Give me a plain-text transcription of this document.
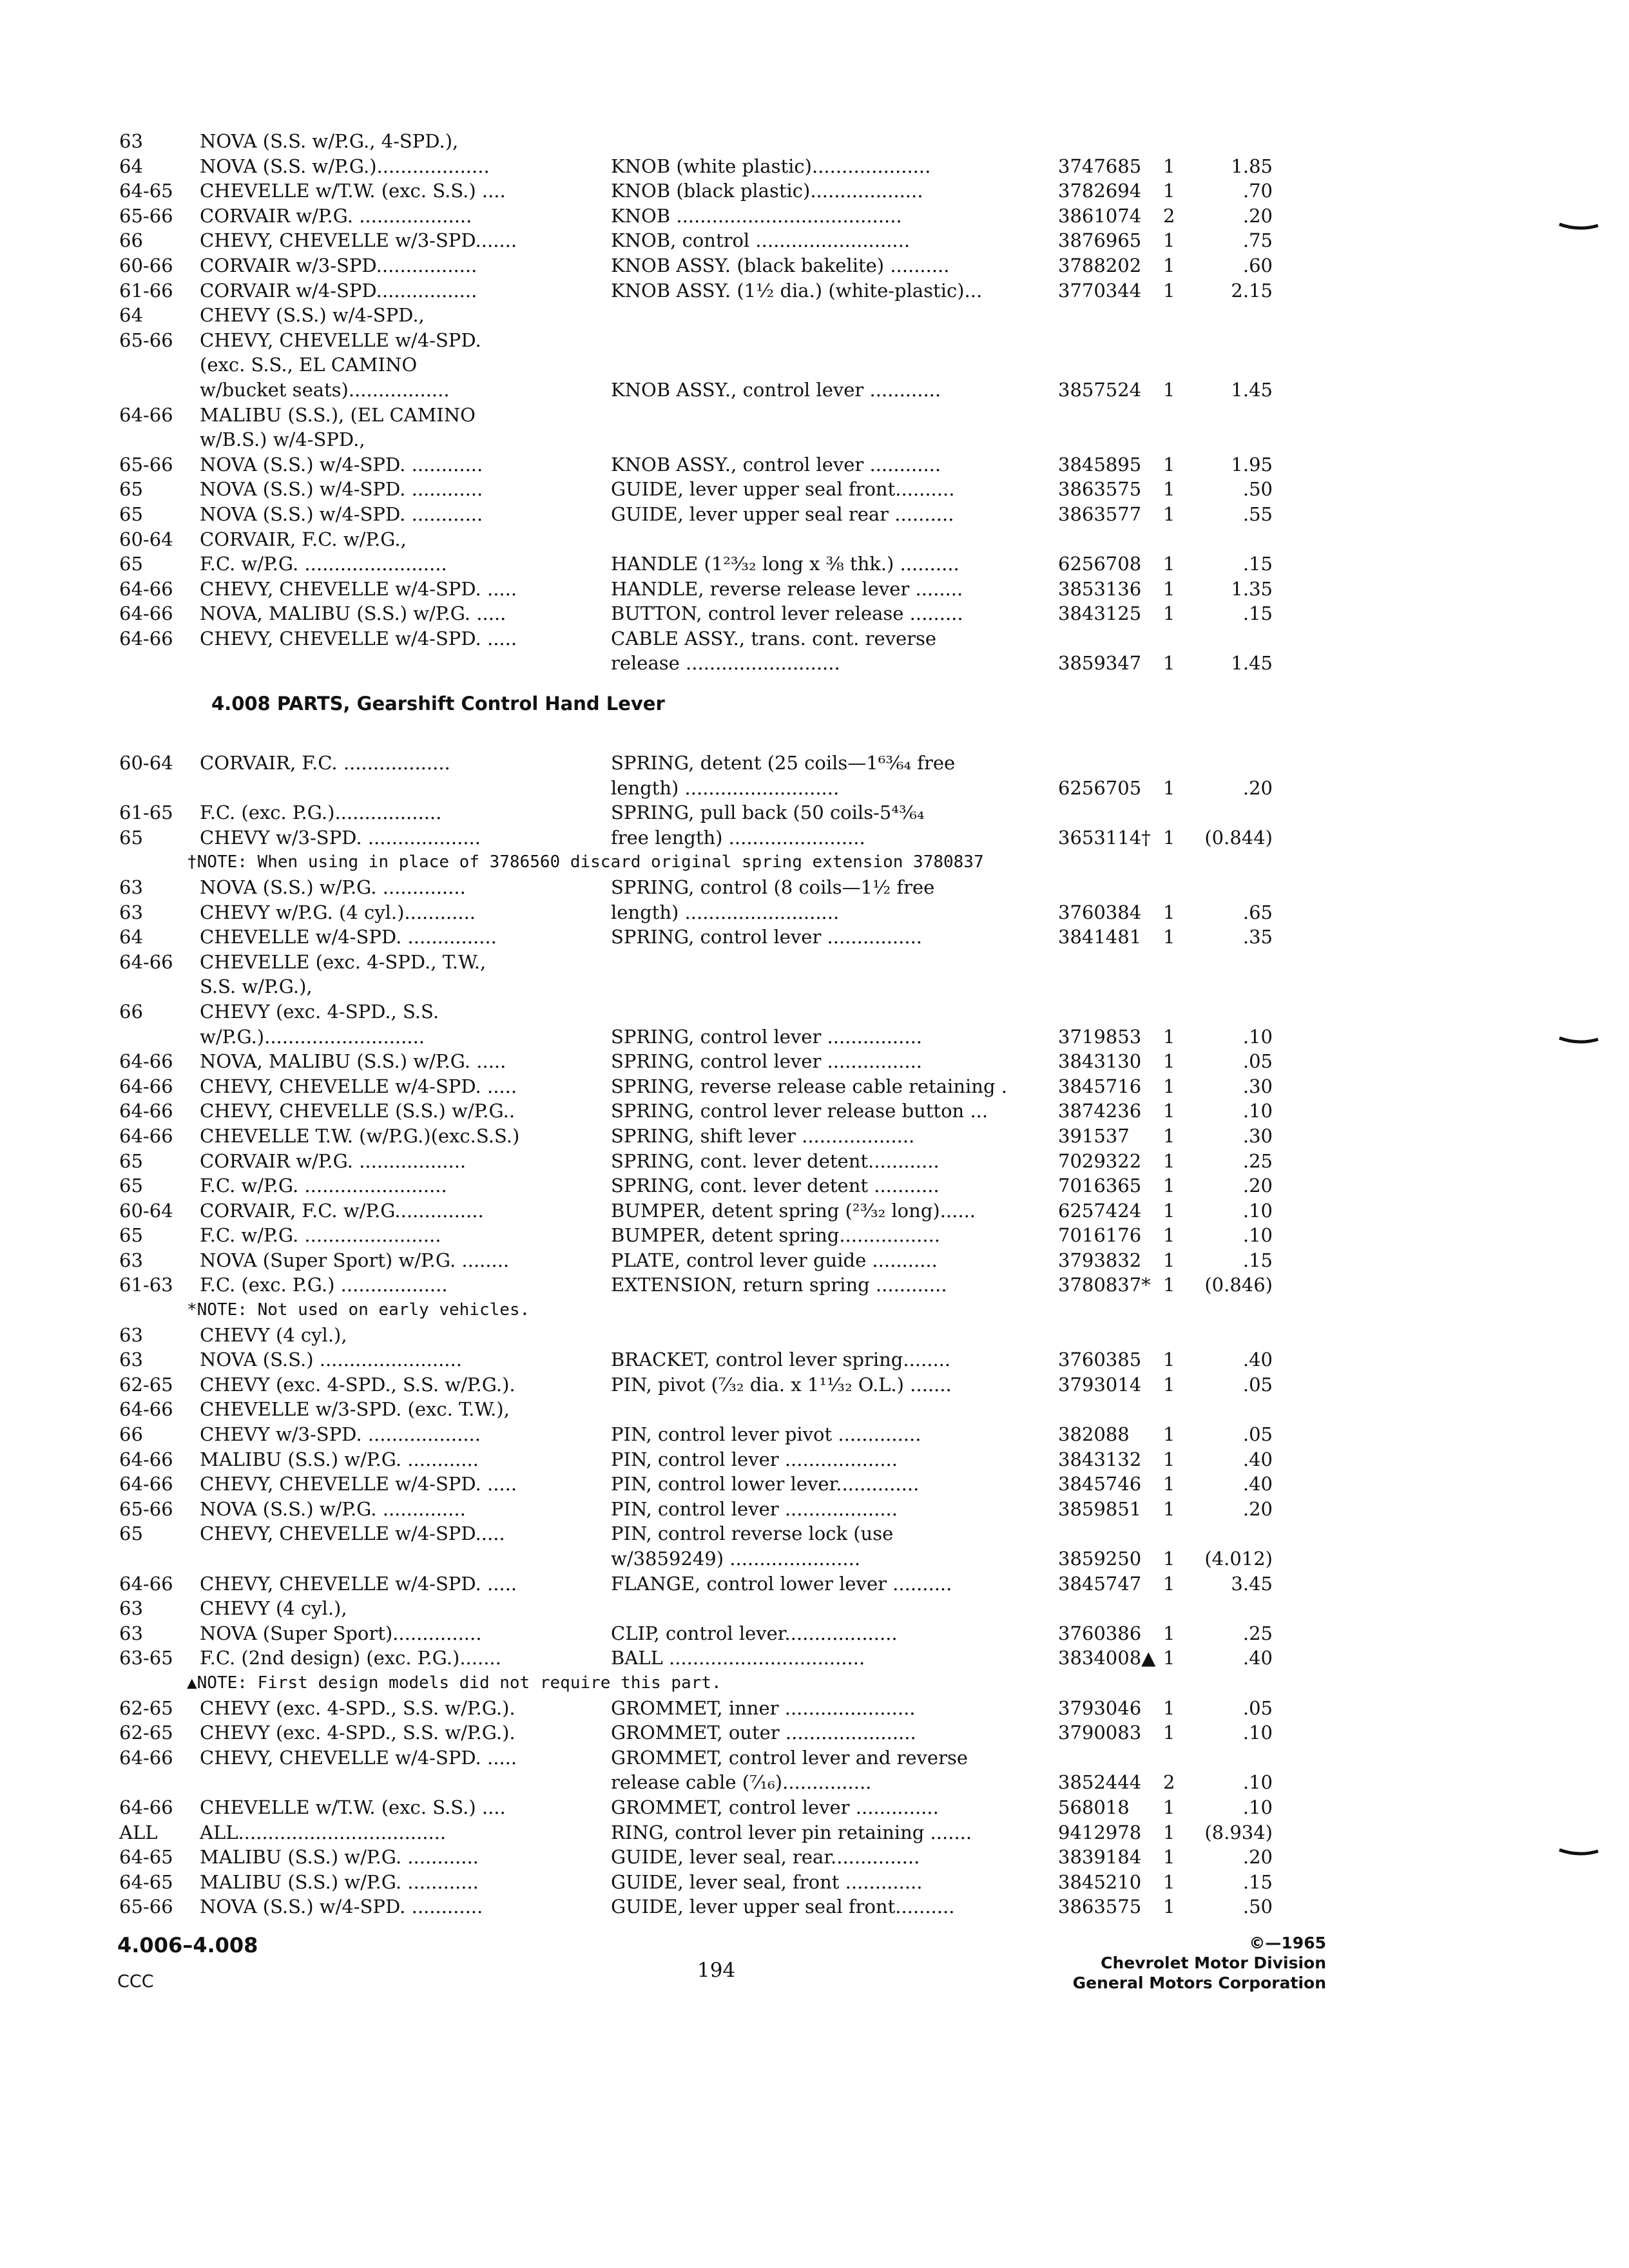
63	NOVA (S.S. w/P.G., 4-SPD.),
64	NOVA (S.S. w/P.G.)...................	KNOB (white plastic)....................	3747685 1	1.85
64-65 CHEVELLE w/T.W. (exc. S.S.) ....	KNOB (black plastic)...................	3782694 1	.70
65-66 CORVAIR w/P.G. ...................	KNOB ......................................	3861074 2	.20
66	CHEVY, CHEVELLE w/3-SPD.......	KNOB, control ..........................	3876965 1	.75
60-66 CORVAIR w/3-SPD.................	KNOB ASSY. (black bakelite) ..........	3788202 1	.60
61-66 CORVAIR w/4-SPD.................	KNOB ASSY. (1½ dia.) (white-plastic)...	3770344 1	2.15
64	CHEVY (S.S.) w/4-SPD.,
65-66 CHEVY, CHEVELLE w/4-SPD.
(exc. S.S., EL CAMINO
w/bucket seats).................	KNOB ASSY., control lever ............	3857524 1	1.45
64-66 MALIBU (S.S.), (EL CAMINO
w/B.S.) w/4-SPD.,
65-66 NOVA (S.S.) w/4-SPD. ............	KNOB ASSY., control lever ............	3845895 1	1.95
65	NOVA (S.S.) w/4-SPD. ............	GUIDE, lever upper seal front..........	3863575 1	.50
65	NOVA (S.S.) w/4-SPD. ............	GUIDE, lever upper seal rear ..........	3863577 1	.55
60-64 CORVAIR, F.C. w/P.G.,
65	F.C. w/P.G. ........................	HANDLE (1²³⁄₃₂ long x ⅜ thk.) ..........	6256708 1	.15
64-66 CHEVY, CHEVELLE w/4-SPD. .....	HANDLE, reverse release lever ........	3853136 1	1.35
64-66 NOVA, MALIBU (S.S.) w/P.G. .....	BUTTON, control lever release .........	3843125 1	.15
64-66 CHEVY, CHEVELLE w/4-SPD. .....	CABLE ASSY., trans. cont. reverse
release ..........................	3859347 1	1.45
4.008 PARTS, Gearshift Control Hand Lever
60-64 CORVAIR, F.C. ..................	SPRING, detent (25 coils—1⁶³⁄₆₄ free
length) ..........................	6256705 1	.20
61-65 F.C. (exc. P.G.)..................	SPRING, pull back (50 coils-5⁴³⁄₆₄
65	CHEVY w/3-SPD. ...................	free length) .......................	3653114† 1 (0.844)
†NOTE: When using in place of 3786560 discard original spring extension 3780837
63	NOVA (S.S.) w/P.G. ..............	SPRING, control (8 coils—1½ free
63	CHEVY w/P.G. (4 cyl.)............	length) ..........................	3760384 1	.65
64	CHEVELLE w/4-SPD. ...............	SPRING, control lever ................	3841481 1	.35
64-66 CHEVELLE (exc. 4-SPD., T.W.,
S.S. w/P.G.),
66	CHEVY (exc. 4-SPD., S.S.
w/P.G.)...........................	SPRING, control lever ................	3719853 1	.10
64-66 NOVA, MALIBU (S.S.) w/P.G. .....	SPRING, control lever ................	3843130 1	.05
64-66 CHEVY, CHEVELLE w/4-SPD. .....	SPRING, reverse release cable retaining .	3845716 1	.30
64-66 CHEVY, CHEVELLE (S.S.) w/P.G..	SPRING, control lever release button ...	3874236 1	.10
64-66 CHEVELLE T.W. (w/P.G.)(exc.S.S.)	SPRING, shift lever ...................	391537 1	.30
65	CORVAIR w/P.G. ..................	SPRING, cont. lever detent............	7029322 1	.25
65	F.C. w/P.G. ........................	SPRING, cont. lever detent ...........	7016365 1	.20
60-64 CORVAIR, F.C. w/P.G...............	BUMPER, detent spring (²³⁄₃₂ long)......	6257424 1	.10
65	F.C. w/P.G. .......................	BUMPER, detent spring.................	7016176 1	.10
63	NOVA (Super Sport) w/P.G. ........	PLATE, control lever guide ...........	3793832 1	.15
61-63 F.C. (exc. P.G.) ..................	EXTENSION, return spring ............	3780837* 1 (0.846)
*NOTE: Not used on early vehicles.
63	CHEVY (4 cyl.),
63	NOVA (S.S.) ........................	BRACKET, control lever spring........	3760385 1	.40
62-65 CHEVY (exc. 4-SPD., S.S. w/P.G.).	PIN, pivot (⁷⁄₃₂ dia. x 1¹¹⁄₃₂ O.L.) .......	3793014 1	.05
64-66 CHEVELLE w/3-SPD. (exc. T.W.),
66	CHEVY w/3-SPD. ...................	PIN, control lever pivot ..............	382088 1	.05
64-66 MALIBU (S.S.) w/P.G. ............	PIN, control lever ...................	3843132 1	.40
64-66 CHEVY, CHEVELLE w/4-SPD. .....	PIN, control lower lever..............	3845746 1	.40
65-66 NOVA (S.S.) w/P.G. ..............	PIN, control lever ...................	3859851 1	.20
65	CHEVY, CHEVELLE w/4-SPD.....	PIN, control reverse lock (use
w/3859249) ......................	3859250 1 (4.012)
64-66 CHEVY, CHEVELLE w/4-SPD. .....	FLANGE, control lower lever ..........	3845747 1	3.45
63	CHEVY (4 cyl.),
63	NOVA (Super Sport)...............	CLIP, control lever...................	3760386 1	.25
63-65 F.C. (2nd design) (exc. P.G.).......	BALL .................................	3834008▲ 1	.40
▲NOTE: First design models did not require this part.
62-65 CHEVY (exc. 4-SPD., S.S. w/P.G.).	GROMMET, inner ......................	3793046 1	.05
62-65 CHEVY (exc. 4-SPD., S.S. w/P.G.).	GROMMET, outer ......................	3790083 1	.10
64-66 CHEVY, CHEVELLE w/4-SPD. .....	GROMMET, control lever and reverse
release cable (⁷⁄₁₆)...............	3852444 2	.10
64-66 CHEVELLE w/T.W. (exc. S.S.) ....	GROMMET, control lever ..............	568018 1	.10
ALL ALL...................................	RING, control lever pin retaining .......	9412978 1 (8.934)
64-65 MALIBU (S.S.) w/P.G. ............	GUIDE, lever seal, rear...............	3839184 1	.20
64-65 MALIBU (S.S.) w/P.G. ............	GUIDE, lever seal, front .............	3845210 1	.15
65-66 NOVA (S.S.) w/4-SPD. ............	GUIDE, lever upper seal front..........	3863575 1	.50
4.006–4.008
CCC	194
©—1965
Chevrolet Motor Division
General Motors Corporation
